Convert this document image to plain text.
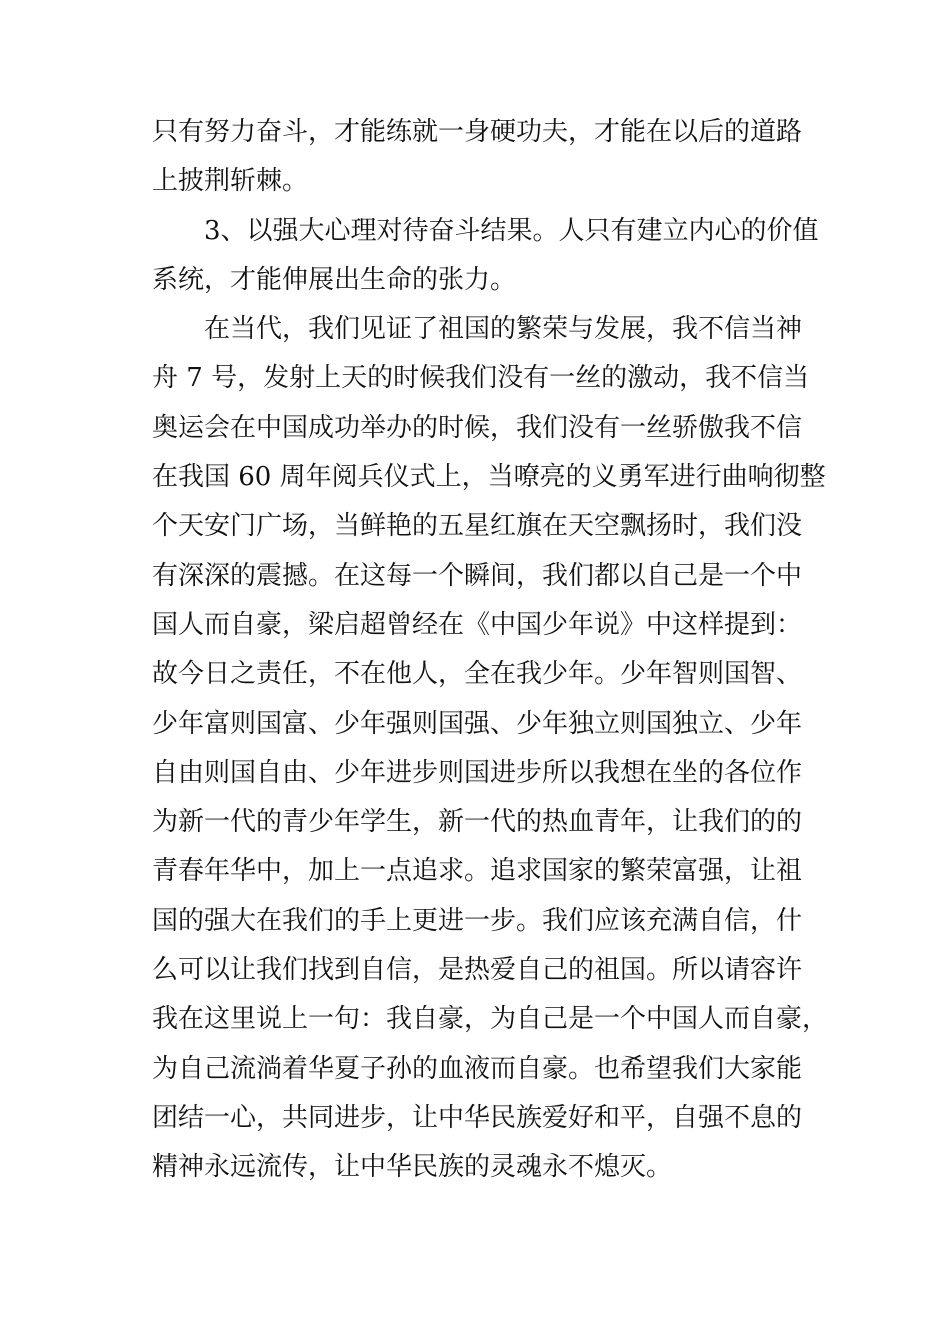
只有努力奋斗，才能练就一身硬功夫，才能在以后的道路
上披荆斩棘。
3、以强大心理对待奋斗结果。人只有建立内心的价值
系统，才能伸展出生命的张力。
在当代，我们见证了祖国的繁荣与发展，我不信当神
舟 7 号，发射上天的时候我们没有一丝的激动，我不信当
奥运会在中国成功举办的时候，我们没有一丝骄傲我不信
在我国 60 周年阅兵仪式上，当嘹亮的义勇军进行曲响彻整
个天安门广场，当鲜艳的五星红旗在天空飘扬时，我们没
有深深的震撼。在这每一个瞬间，我们都以自己是一个中
国人而自豪，梁启超曾经在《中国少年说》中这样提到：
故今日之责任，不在他人，全在我少年。少年智则国智、
少年富则国富、少年强则国强、少年独立则国独立、少年
自由则国自由、少年进步则国进步所以我想在坐的各位作
为新一代的青少年学生，新一代的热血青年，让我们的的
青春年华中，加上一点追求。追求国家的繁荣富强，让祖
国的强大在我们的手上更进一步。我们应该充满自信，什
么可以让我们找到自信，是热爱自己的祖国。所以请容许
我在这里说上一句：我自豪，为自己是一个中国人而自豪，
为自己流淌着华夏子孙的血液而自豪。也希望我们大家能
团结一心，共同进步，让中华民族爱好和平，自强不息的
精神永远流传，让中华民族的灵魂永不熄灭。
